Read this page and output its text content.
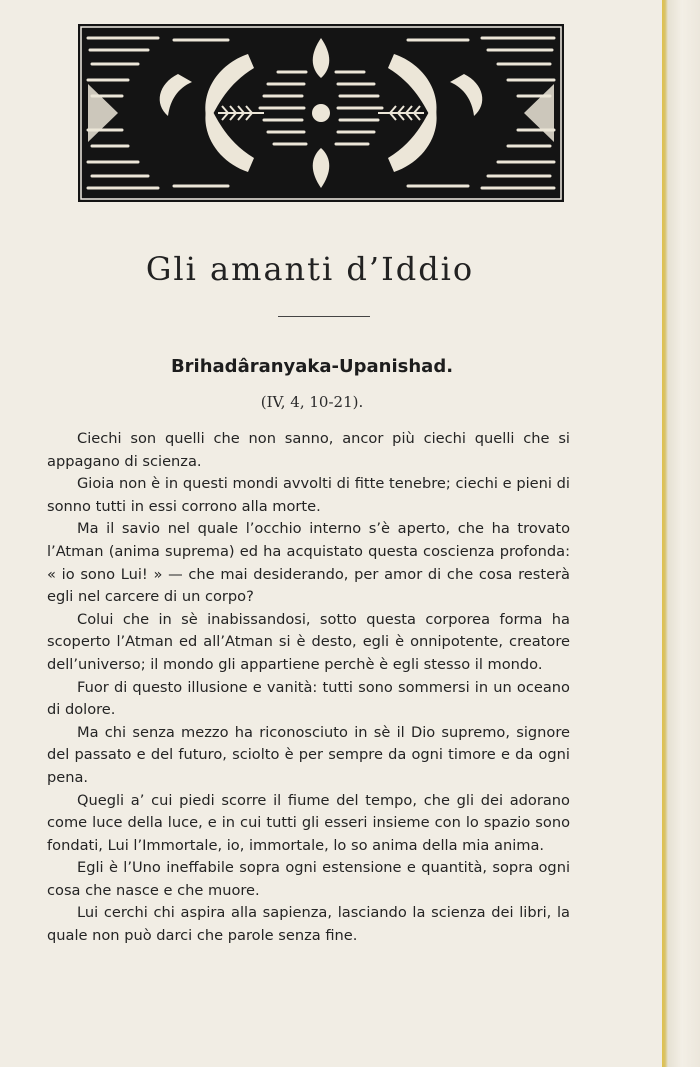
Gli amanti d’Iddio
Brihadâranyaka-Upanishad.
(IV, 4, 10-21).

Ciechi son quelli che non sanno, ancor più ciechi quelli che si appagano di scienza.

Gioia non è in questi mondi avvolti di fitte tenebre; ciechi e pieni di sonno tutti in essi corrono alla morte.

Ma il savio nel quale l’occhio interno s’è aperto, che ha trovato l’Atman (anima suprema) ed ha acquistato questa coscienza profonda: « io sono Lui! » — che mai desiderando, per amor di che cosa resterà egli nel carcere di un corpo?

Colui che in sè inabissandosi, sotto questa corporea forma ha scoperto l’Atman ed all’Atman si è desto, egli è onnipotente, creatore dell’universo; il mondo gli appartiene perchè è egli stesso il mondo.

Fuor di questo illusione e vanità: tutti sono sommersi in un oceano di dolore.

Ma chi senza mezzo ha riconosciuto in sè il Dio supremo, signore del passato e del futuro, sciolto è per sempre da ogni timore e da ogni pena.

Quegli a’ cui piedi scorre il fiume del tempo, che gli dei adorano come luce della luce, e in cui tutti gli esseri insieme con lo spazio sono fondati, Lui l’Immortale, io, immortale, lo so anima della mia anima.

Egli è l’Uno ineffabile sopra ogni estensione e quantità, sopra ogni cosa che nasce e che muore.

Lui cerchi chi aspira alla sapienza, lasciando la scienza dei libri, la quale non può darci che parole senza fine.
